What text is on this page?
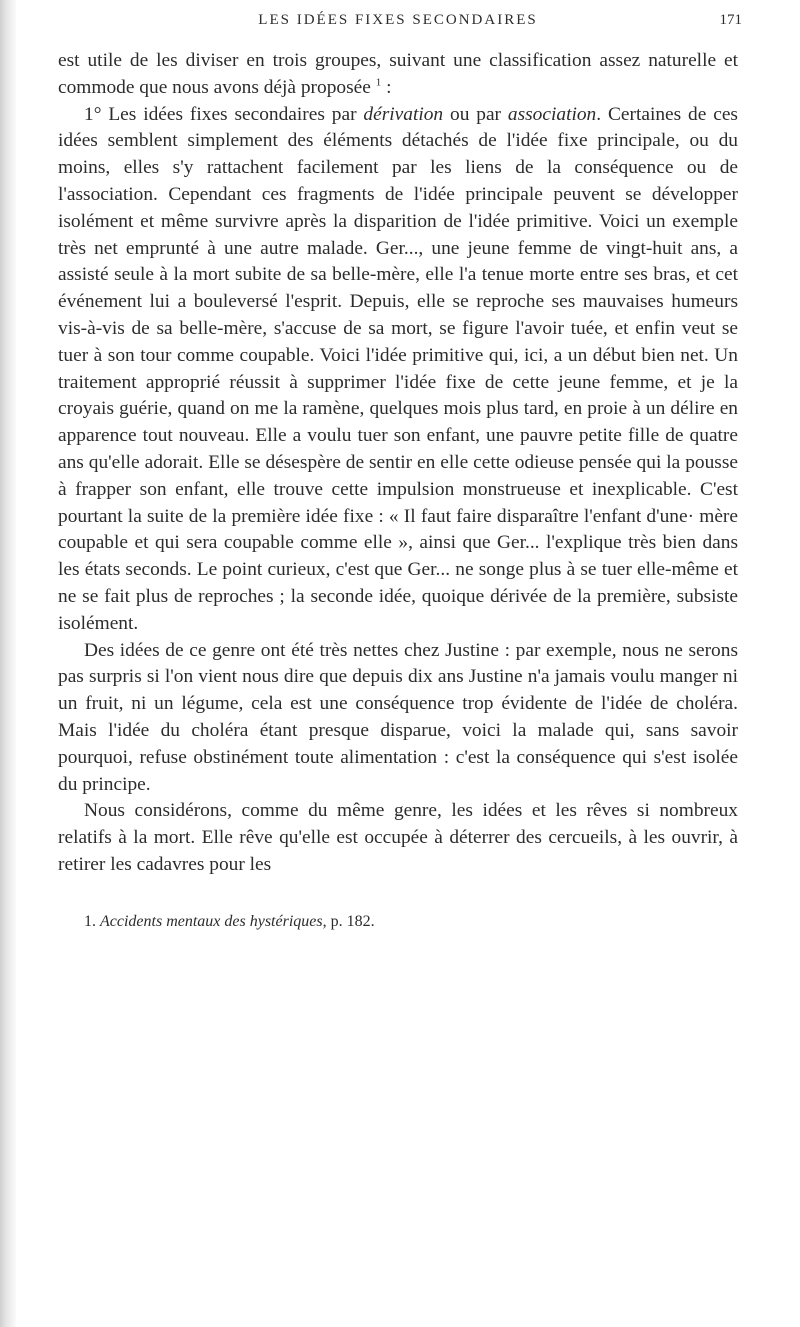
LES IDÉES FIXES SECONDAIRES	171

est utile de les diviser en trois groupes, suivant une classification assez naturelle et commode que nous avons déjà proposée $^1$ :

1° Les idées fixes secondaires par dérivation ou par association. Certaines de ces idées semblent simplement des éléments détachés de l'idée fixe principale, ou du moins, elles s'y rattachent facilement par les liens de la conséquence ou de l'association. Cependant ces fragments de l'idée principale peuvent se développer isolément et même survivre après la disparition de l'idée primitive. Voici un exemple très net emprunté à une autre malade. Ger..., une jeune femme de vingt-huit ans, a assisté seule à la mort subite de sa belle-mère, elle l'a tenue morte entre ses bras, et cet événement lui a bouleversé l'esprit. Depuis, elle se reproche ses mauvaises humeurs vis-à-vis de sa belle-mère, s'accuse de sa mort, se figure l'avoir tuée, et enfin veut se tuer à son tour comme coupable. Voici l'idée primitive qui, ici, a un début bien net. Un traitement approprié réussit à supprimer l'idée fixe de cette jeune femme, et je la croyais guérie, quand on me la ramène, quelques mois plus tard, en proie à un délire en apparence tout nouveau. Elle a voulu tuer son enfant, une pauvre petite fille de quatre ans qu'elle adorait. Elle se désespère de sentir en elle cette odieuse pensée qui la pousse à frapper son enfant, elle trouve cette impulsion monstrueuse et inexplicable. C'est pourtant la suite de la première idée fixe : « Il faut faire disparaître l'enfant d'une· mère coupable et qui sera coupable comme elle », ainsi que Ger... l'explique très bien dans les états seconds. Le point curieux, c'est que Ger... ne songe plus à se tuer elle-même et ne se fait plus de reproches ; la seconde idée, quoique dérivée de la première, subsiste isolément.

Des idées de ce genre ont été très nettes chez Justine : par exemple, nous ne serons pas surpris si l'on vient nous dire que depuis dix ans Justine n'a jamais voulu manger ni un fruit, ni un légume, cela est une conséquence trop évidente de l'idée de choléra. Mais l'idée du choléra étant presque disparue, voici la malade qui, sans savoir pourquoi, refuse obstinément toute alimentation : c'est la conséquence qui s'est isolée du principe.

Nous considérons, comme du même genre, les idées et les rêves si nombreux relatifs à la mort. Elle rêve qu'elle est occupée à déterrer des cercueils, à les ouvrir, à retirer les cadavres pour les

1. Accidents mentaux des hystériques, p. 182.
